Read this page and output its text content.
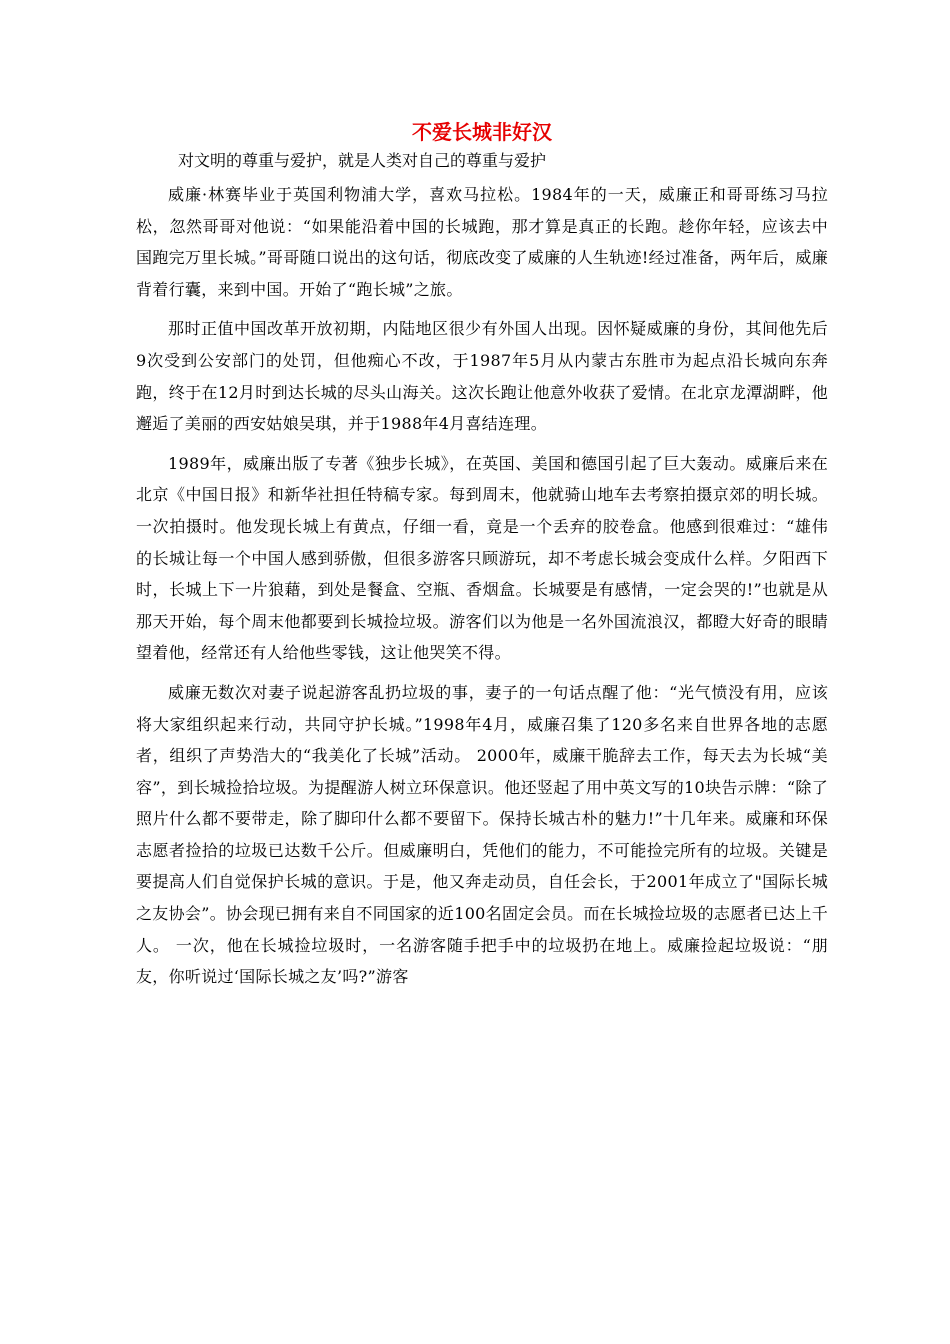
不爱长城非好汉

对文明的尊重与爱护，就是人类对自己的尊重与爱护

威廉·林赛毕业于英国利物浦大学，喜欢马拉松。1984年的一天，威廉正和哥哥练习马拉松，忽然哥哥对他说：“如果能沿着中国的长城跑，那才算是真正的长跑。趁你年轻，应该去中国跑完万里长城。”哥哥随口说出的这句话，彻底改变了威廉的人生轨迹!经过准备，两年后，威廉背着行囊，来到中国。开始了“跑长城”之旅。

那时正值中国改革开放初期，内陆地区很少有外国人出现。因怀疑威廉的身份，其间他先后9次受到公安部门的处罚，但他痴心不改，于1987年5月从内蒙古东胜市为起点沿长城向东奔跑，终于在12月时到达长城的尽头山海关。这次长跑让他意外收获了爱情。在北京龙潭湖畔，他邂逅了美丽的西安姑娘吴琪，并于1988年4月喜结连理。

1989年，威廉出版了专著《独步长城》，在英国、美国和德国引起了巨大轰动。威廉后来在北京《中国日报》和新华社担任特稿专家。每到周末，他就骑山地车去考察拍摄京郊的明长城。一次拍摄时。他发现长城上有黄点，仔细一看，竟是一个丢弃的胶卷盒。他感到很难过：“雄伟的长城让每一个中国人感到骄傲，但很多游客只顾游玩，却不考虑长城会变成什么样。夕阳西下时，长城上下一片狼藉，到处是餐盒、空瓶、香烟盒。长城要是有感情，一定会哭的!”也就是从那天开始，每个周末他都要到长城捡垃圾。游客们以为他是一名外国流浪汉，都瞪大好奇的眼睛望着他，经常还有人给他些零钱，这让他哭笑不得。

威廉无数次对妻子说起游客乱扔垃圾的事，妻子的一句话点醒了他：“光气愤没有用，应该将大家组织起来行动，共同守护长城。”1998年4月，威廉召集了120多名来自世界各地的志愿者，组织了声势浩大的“我美化了长城”活动。 2000年，威廉干脆辞去工作，每天去为长城“美容”，到长城捡拾垃圾。为提醒游人树立环保意识。他还竖起了用中英文写的10块告示牌：“除了照片什么都不要带走，除了脚印什么都不要留下。保持长城古朴的魅力!”十几年来。威廉和环保志愿者捡拾的垃圾已达数千公斤。但威廉明白，凭他们的能力，不可能捡完所有的垃圾。关键是要提高人们自觉保护长城的意识。于是，他又奔走动员，自任会长，于2001年成立了"国际长城之友协会”。协会现已拥有来自不同国家的近100名固定会员。而在长城捡垃圾的志愿者已达上千人。 一次，他在长城捡垃圾时，一名游客随手把手中的垃圾扔在地上。威廉捡起垃圾说：“朋友，你听说过‘国际长城之友’吗?”游客
